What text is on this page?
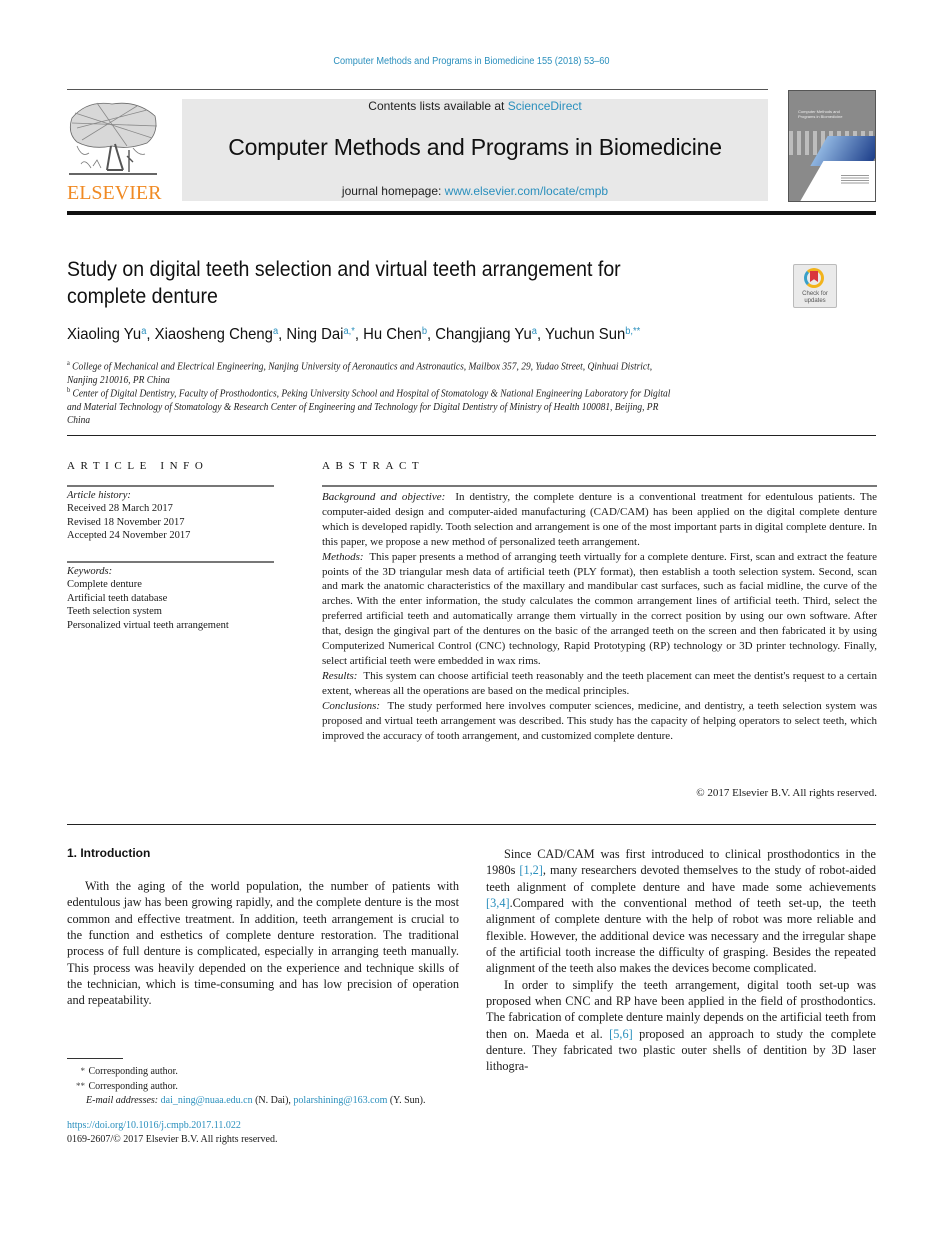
Computer Methods and Programs in Biomedicine 155 (2018) 53–60
ELSEVIER
Contents lists available at ScienceDirect
Computer Methods and Programs in Biomedicine
journal homepage: www.elsevier.com/locate/cmpb
Computer Methods and
Programs in Biomedicine
Study on digital teeth selection and virtual teeth arrangement for
complete denture	Check for
updates
Xiaoling Yu$^a$, Xiaosheng Cheng$^a$, Ning Dai$^{a,*}$, Hu Chen$^b$, Changjiang Yu$^a$, Yuchun Sun$^{b,**}$
$^a$ College of Mechanical and Electrical Engineering, Nanjing University of Aeronautics and Astronautics, Mailbox 357, 29, Yudao Street, Qinhuai District,
Nanjing 210016, PR China
$^b$ Center of Digital Dentistry, Faculty of Prosthodontics, Peking University School and Hospital of Stomatology & National Engineering Laboratory for Digital
and Material Technology of Stomatology & Research Center of Engineering and Technology for Digital Dentistry of Ministry of Health 100081, Beijing, PR
China
ARTICLE INFO
Article history:
Received 28 March 2017
Revised 18 November 2017
Accepted 24 November 2017
Keywords:
Complete denture
Artificial teeth database
Teeth selection system
Personalized virtual teeth arrangement
ABSTRACT

Background and objective: In dentistry, the complete denture is a conventional treatment for edentulous patients. The computer-aided design and computer-aided manufacturing (CAD/CAM) has been applied on the digital complete denture which is developed rapidly. Tooth selection and arrangement is one of the most important parts in digital complete denture. In this paper, we propose a new method of personalized teeth arrangement.

Methods: This paper presents a method of arranging teeth virtually for a complete denture. First, scan and extract the feature points of the 3D triangular mesh data of artificial teeth (PLY format), then establish a tooth selection system. Second, scan and mark the anatomic characteristics of the maxillary and mandibular cast surfaces, such as facial midline, the curve of the arches. With the enter information, the study calculates the common arrangement lines of artificial teeth. Third, select the preferred artificial teeth and automatically arrange them virtually in the correct position by using our own software. After that, design the gingival part of the dentures on the basic of the arranged teeth on the screen and then fabricated it by using Computerized Numerical Control (CNC) technology, Rapid Prototyping (RP) technology or 3D printer technology. Finally, select artificial teeth were embedded in wax rims.

Results: This system can choose artificial teeth reasonably and the teeth placement can meet the dentist's request to a certain extent, whereas all the operations are based on the medical principles.

Conclusions: The study performed here involves computer sciences, medicine, and dentistry, a teeth selection system was proposed and virtual teeth arrangement was described. This study has the capacity of helping operators to select teeth, which improved the accuracy of tooth arrangement, and customized complete denture.

© 2017 Elsevier B.V. All rights reserved.
1. Introduction

With the aging of the world population, the number of patients with edentulous jaw has been growing rapidly, and the complete denture is the most common and effective treatment. In addition, teeth arrangement is crucial to the function and esthetics of complete denture restoration. The traditional process of full denture is complicated, especially in arranging teeth manually. This process was heavily depended on the experience and technique skills of the technician, which is time-consuming and has low precision of operation and repeatability.

Since CAD/CAM was first introduced to clinical prosthodontics in the 1980s [1,2], many researchers devoted themselves to the study of robot-aided teeth alignment of complete denture and have made some achievements [3,4].Compared with the conventional method of teeth set-up, the teeth alignment of complete denture with the help of robot was more reliable and flexible. However, the additional device was necessary and the irregular shape of the artificial tooth increase the difficulty of grasping. Besides the repeated alignment of the teeth also makes the devices become complicated.

In order to simplify the teeth arrangement, digital tooth set-up was proposed when CNC and RP have been applied in the field of prosthodontics. The fabrication of complete denture mainly depends on the artificial teeth from then on. Maeda et al. [5,6] proposed an approach to study the complete denture. They fabricated two plastic outer shells of dentition by 3D laser lithogra-

* Corresponding author.
** Corresponding author.
E-mail addresses: dai_ning@nuaa.edu.cn (N. Dai), polarshining@163.com (Y. Sun).
https://doi.org/10.1016/j.cmpb.2017.11.022
0169-2607/© 2017 Elsevier B.V. All rights reserved.
